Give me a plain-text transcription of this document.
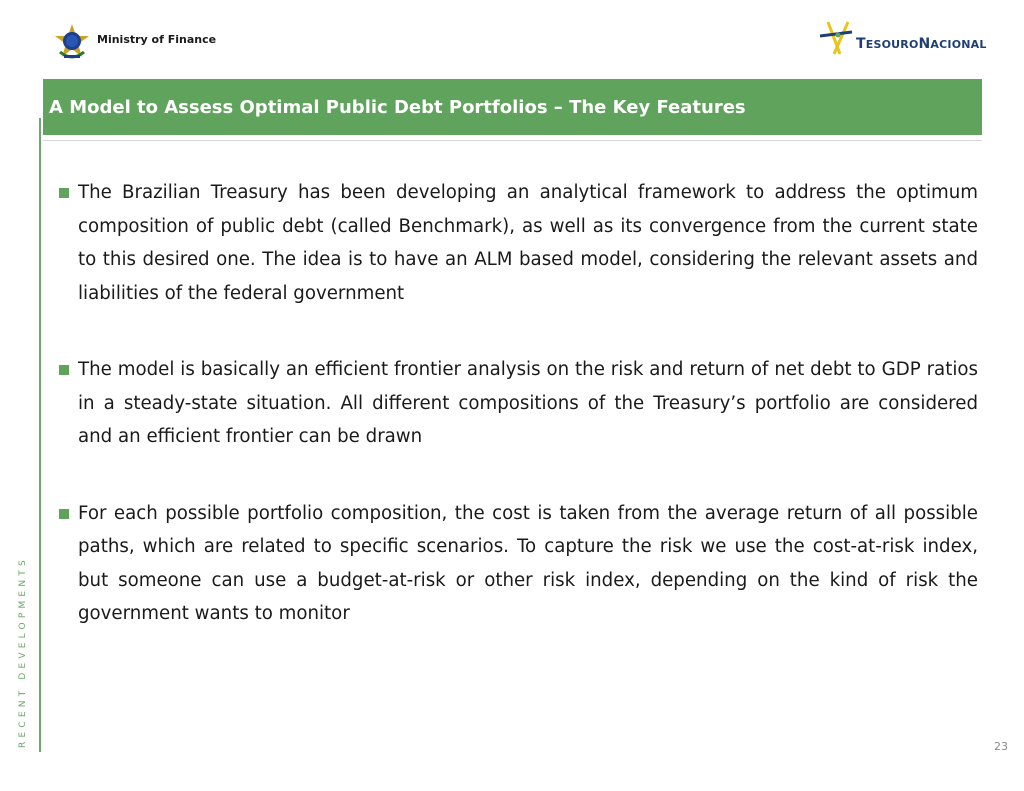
Ministry of Finance	TESOURONACIONAL
A Model to Assess Optimal Public Debt Portfolios – The Key Features
RECENT DEVELOPMENTS
The Brazilian Treasury has been developing an analytical framework to address the optimum composition of public debt (called Benchmark), as well as its convergence from the current state to this desired one. The idea is to have an ALM based model, considering the relevant assets and liabilities of the federal government
The model is basically an efficient frontier analysis on the risk and return of net debt to GDP ratios in a steady-state situation. All different compositions of the Treasury’s portfolio are considered and an efficient frontier can be drawn
For each possible portfolio composition, the cost is taken from the average return of all possible paths, which are related to specific scenarios. To capture the risk we use the cost-at-risk index, but someone can use a budget-at-risk or other risk index, depending on the kind of risk the government wants to monitor
23
